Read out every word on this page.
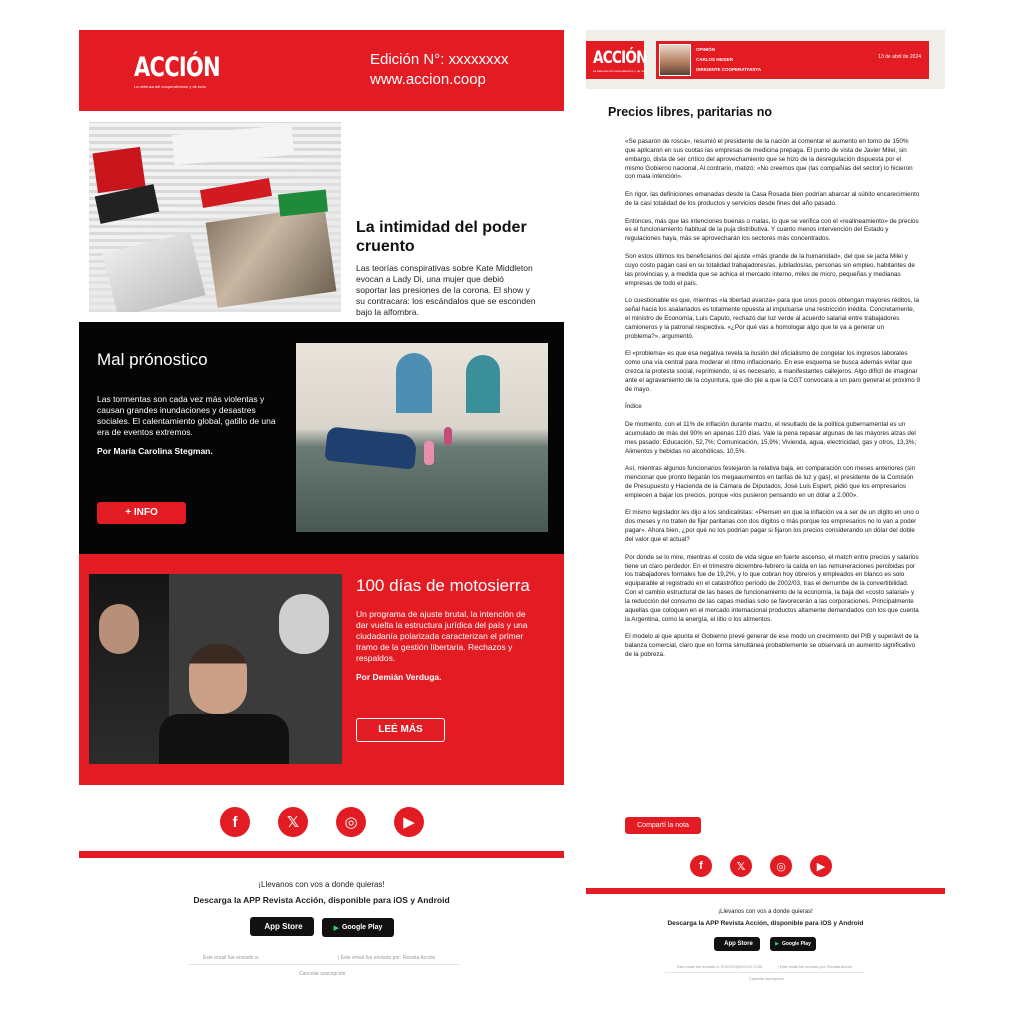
ACCIÓN
La defensa del cooperativismo y de todo
Edición N°: xxxxxxxx
www.accion.coop
La intimidad del poder cruento
Las teorías conspirativas sobre Kate Middleton evocan a Lady Di, una mujer que debió soportar las presiones de la corona. El show y su contracara: los escándalos que se esconden bajo la alfombra.
Mal prónostico
Las tormentas son cada vez más violentas y causan grandes inundaciones y desastres sociales. El calentamiento global, gatillo de una era de eventos extremos.
Por María Carolina Stegman.
+ INFO
100 días de motosierra
Un programa de ajuste brutal, la intención de dar vuelta la estructura jurídica del país y una ciudadanía polarizada caracterizan el primer tramo de la gestión libertaria. Rechazos y respaldos.
Por Demián Verduga.
LEÉ MÁS
f	𝕏	◎	▶
¡Llevanos con vos a donde quieras!
Descarga la APP Revista Acción, disponible para iOS y Android
App Store	▶ Google Play
Este email fue enviado a:	| Este email fue enviado por: Revista Acción
Cancelar suscripción
ACCIÓN
La defensa del cooperativismo y de todo
OPINIÓN
CARLOS HEISER
DIRIGENTE COOPERATIVISTA
13 de abril de 2024
Precios libres, paritarias no

«Se pasaron de rosca», resumió el presidente de la nación al comentar el aumento en torno de 150% que aplicaron en sus cuotas las empresas de medicina prepaga. El punto de vista de Javier Milei, sin embargo, dista de ser crítico del aprovechamiento que se hizo de la desregulación dispuesta por el mismo Gobierno nacional. Al contrario, matizó: «No creemos que (las compañías del sector) lo hicieron con mala intención».

En rigor, las definiciones emanadas desde la Casa Rosada bien podrían abarcar al súbito encarecimiento de la casi totalidad de los productos y servicios desde fines del año pasado.

Entonces, más que las intenciones buenas o malas, lo que se verifica con el «realineamiento» de precios es el funcionamiento habitual de la puja distributiva. Y cuanto menos intervención del Estado y regulaciones haya, más se aprovecharán los sectores más concentrados.

Son estos últimos los beneficiarios del ajuste «más grande de la humanidad», del que se jacta Milei y cuyo costo pagan casi en su totalidad trabajadores/as, jubilados/as, personas sin empleo, habitantes de las provincias y, a medida que se achica el mercado interno, miles de micro, pequeñas y medianas empresas de todo el país.

Lo cuestionable es que, mientras «la libertad avanza» para que unos pocos obtengan mayores réditos, la señal hacia los asalariados es totalmente opuesta al impulsarse una restricción inédita. Concretamente, el ministro de Economía, Luis Caputo, rechazó dar luz verde al acuerdo salarial entre trabajadores camioneros y la patronal respectiva. «¿Por qué vas a homologar algo que te va a generar un problema?», argumentó.

El «problema» es que esa negativa revela la ilusión del oficialismo de congelar los ingresos laborales como una vía central para moderar el ritmo inflacionario. En ese esquema se busca además evitar que crezca la protesta social, reprimiendo, si es necesario, a manifestantes callejeros. Algo difícil de imaginar ante el agravamiento de la coyuntura, que dio pie a que la CGT convocara a un paro general el próximo 9 de mayo.

Índice

De momento, con el 11% de inflación durante marzo, el resultado de la política gubernamental es un acumulado de más del 90% en apenas 120 días. Vale la pena repasar algunas de las mayores alzas del mes pasado: Educación, 52,7%; Comunicación, 15,9%; Vivienda, agua, electricidad, gas y otros, 13,3%; Alimentos y bebidas no alcohólicas, 10,5%.

Así, mientras algunos funcionarios festejaron la relativa baja, en comparación con meses anteriores (sin mencionar que pronto llegarán los megaaumentos en tarifas de luz y gas), el presidente de la Comisión de Presupuesto y Hacienda de la Cámara de Diputados, José Luis Espert, pidió que los empresarios empiecen a bajar los precios, porque «los pusieron pensando en un dólar a 2.000».

El mismo legislador les dijo a los sindicalistas: «Piensen en que la inflación va a ser de un dígito en uno o dos meses y no traten de fijar paritarias con dos dígitos o más porque los empresarios no lo van a poder pagar». Ahora bien, ¿por qué no los podrían pagar si fijaron los precios considerando un dólar del doble del valor que el actual?

Por donde se lo mire, mientras el costo de vida sigue en fuerte ascenso, el match entre precios y salarios tiene un claro perdedor. En el trimestre diciembre-febrero la caída en las remuneraciones percibidas por los trabajadores formales fue de 19,2%, y lo que cobran hoy obreros y empleados en blanco es solo equiparable al registrado en el catastrófico período de 2002/03, tras el derrumbe de la convertibilidad. Con el cambio estructural de las bases de funcionamiento de la economía, la baja del «costo salarial» y la reducción del consumo de las capas medias solo se favorecerán a las corporaciones. Principalmente aquellas que coloquen en el mercado internacional productos altamente demandados con los que cuenta la Argentina, como la energía, el litio o los alimentos.

El modelo al que apunta el Gobierno prevé generar de ese modo un crecimiento del PIB y superávit de la balanza comercial, claro que en forma simultánea probablemente se observará un aumento significativo de la pobreza.

Compartí la nota
f	𝕏	◎	▶
¡Llevanos con vos a donde quieras!
Descarga la APP Revista Acción, disponible para iOS y Android
App Store	▶ Google Play
Este email fue enviado a: XXXXXX@XXXXX.COM	| Este email fue enviado por: Revista Acción
Cancelar suscripción
